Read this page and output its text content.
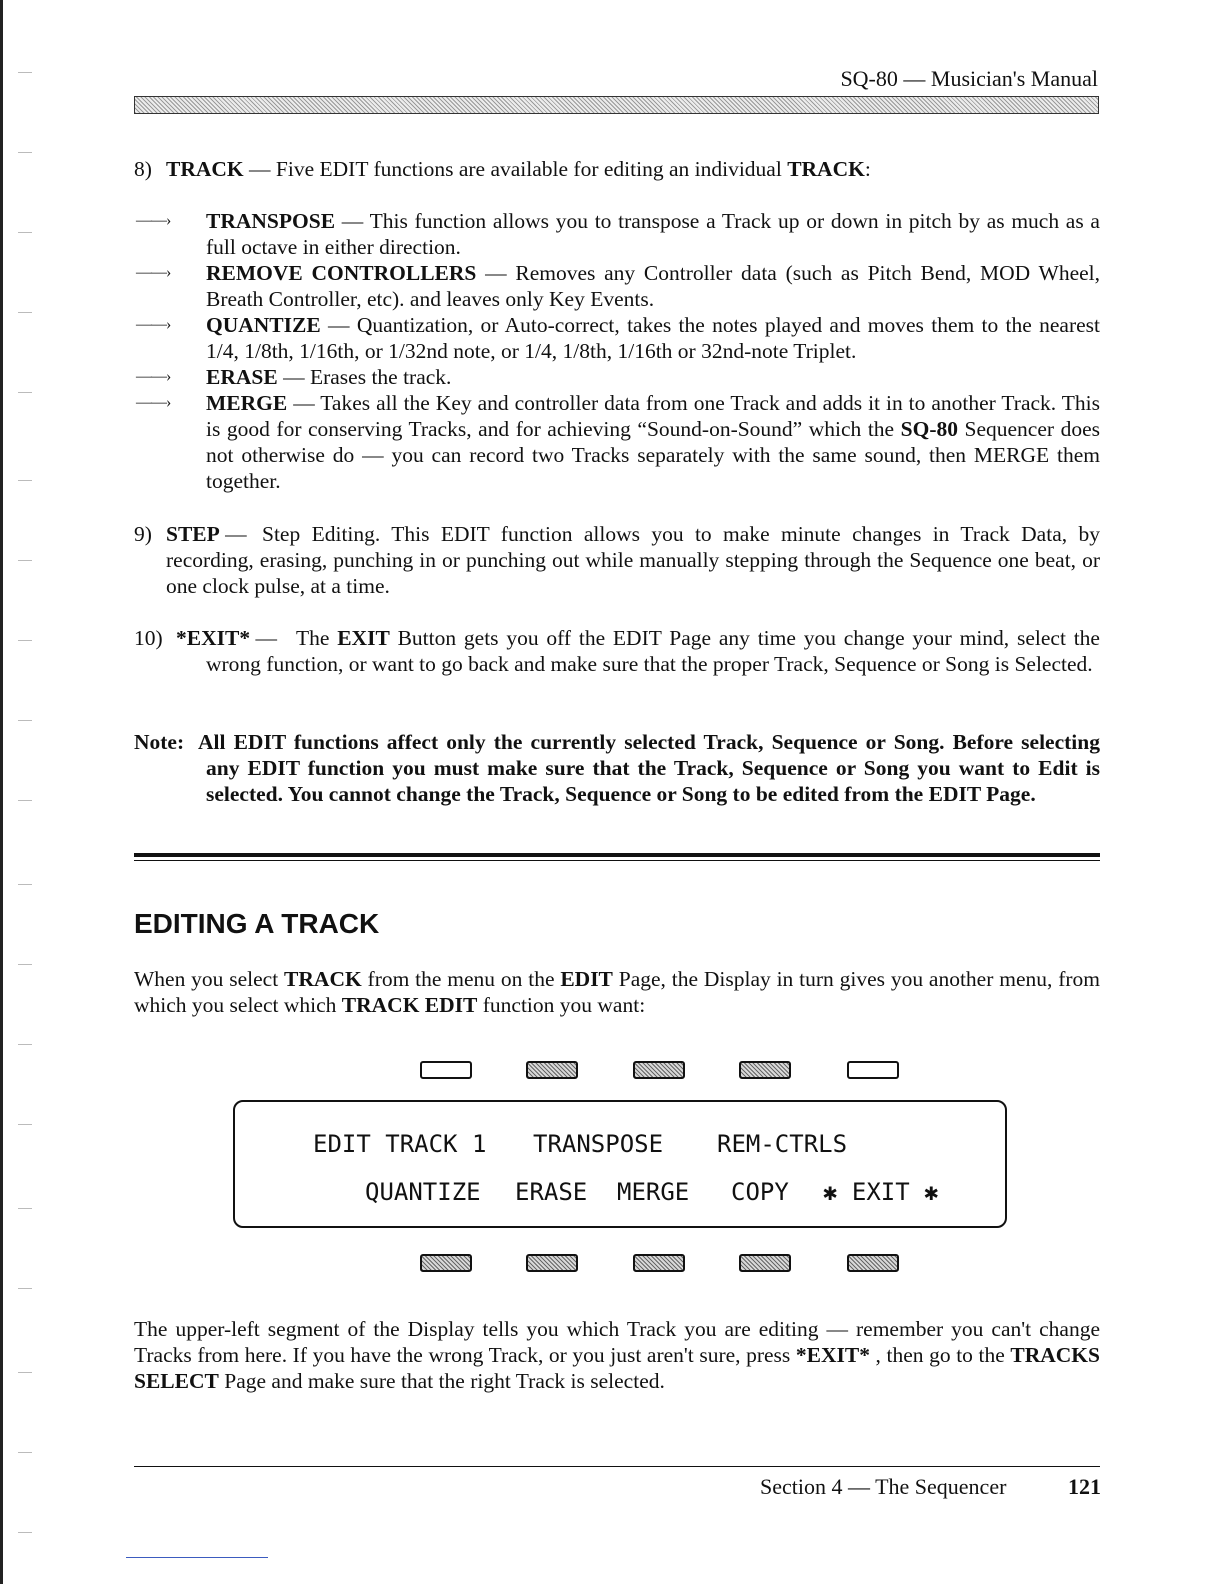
SQ-80 — Musician's Manual
8) TRACK — Five EDIT functions are available for editing an individual TRACK:
——› TRANSPOSE — This function allows you to transpose a Track up or down in pitch by as much as a full octave in either direction.
——› REMOVE CONTROLLERS — Removes any Controller data (such as Pitch Bend, MOD Wheel, Breath Controller, etc). and leaves only Key Events.
——› QUANTIZE — Quantization, or Auto-correct, takes the notes played and moves them to the nearest 1/4, 1/8th, 1/16th, or 1/32nd note, or 1/4, 1/8th, 1/16th or 32nd-note Triplet.
——› ERASE — Erases the track.
——› MERGE — Takes all the Key and controller data from one Track and adds it in to another Track. This is good for conserving Tracks, and for achieving “Sound-on-Sound” which the SQ-80 Sequencer does not otherwise do — you can record two Tracks separately with the same sound, then MERGE them together.
9) STEP — Step Editing. This EDIT function allows you to make minute changes in Track Data, by recording, erasing, punching in or punching out while manually stepping through the Sequence one beat, or one clock pulse, at a time.
10) *EXIT* — The EXIT Button gets you off the EDIT Page any time you change your mind, select the wrong function, or want to go back and make sure that the proper Track, Sequence or Song is Selected.
Note: All EDIT functions affect only the currently selected Track, Sequence or Song. Before selecting any EDIT function you must make sure that the Track, Sequence or Song you want to Edit is selected. You cannot change the Track, Sequence or Song to be edited from the EDIT Page.
EDITING A TRACK
When you select TRACK from the menu on the EDIT Page, the Display in turn gives you another menu, from which you select which TRACK EDIT function you want:
EDIT TRACK 1 TRANSPOSE REM-CTRLS
QUANTIZE ERASE MERGE COPY ✱ EXIT ✱
The upper-left segment of the Display tells you which Track you are editing — remember you can't change Tracks from here. If you have the wrong Track, or you just aren't sure, press *EXIT* , then go to the TRACKS SELECT Page and make sure that the right Track is selected.
Section 4 — The Sequencer	121
